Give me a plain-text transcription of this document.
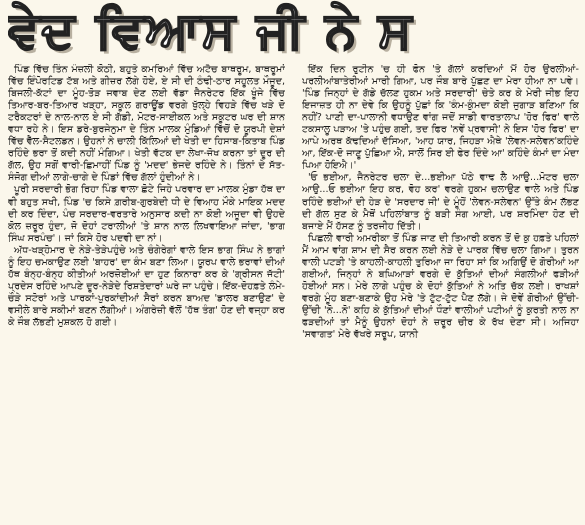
ਵੇਦ ਵਿਆਸ ਜੀ ਨੇ ਸ

ਪਿੰਡ ਵਿੱਚ ਤਿੰਨ ਮੰਜ਼ਲੀ ਕੋਠੀ, ਬਹੁਤੇ ਕਮਰਿਆਂ ਵਿੱਚ ਅਟੈਚ ਬਾਥਰੂਮ, ਬਾਥਰੂਮਾਂ ਵਿੱਚ ਇੰਪੋਰਟਿਡ ਟੱਬ ਅਤੇ ਗੀਜ਼ਰ ਲੱਗੇ ਹੋਏ, ਏ ਸੀ ਦੀ ਠੰਢੀ-ਠਾਰ ਸਹੂਲਤ ਮੌਜੂਦ, ਬਿਜਲੀ-ਕੱਟਾਂ ਦਾ ਮੂੰਹ-ਤੋੜ ਜਵਾਬ ਦੇਣ ਲਈ ਵੱਡਾ ਜੈਨਰੇਟਰ ਇੱਕ ਖੂੰਜੇ ਵਿੱਚ ਤਿਆਰ-ਬਰ-ਤਿਆਰ ਖੜ੍ਹਾ, ਸਕੂਲ ਗਰਾਊਂਡ ਵਰਗੇ ਖੁੱਲ੍ਹੇ ਵਿਹੜੇ ਵਿੱਚ ਖੜੇ ਦੋ ਟਰੈਕਟਰਾਂ ਦੇ ਨਾਲ-ਨਾਲ ਏ ਸੀ ਗੱਡੀ, ਮੋਟਰ-ਸਾਈਕਲ ਅਤੇ ਸਕੂਟਰ ਘਰ ਦੀ ਸ਼ਾਨ ਵਧਾ ਰਹੇ ਨੇ। ਇਸ ਡਰੇ-ਬੁਰਜੇਨੁਮਾ ਦੇ ਤਿੰਨ ਮਾਲਕ ਮੁੰਡਿਆਂ ਵਿੱਚੋਂ ਦੋ ਯੂਰਪੀ ਦੇਸ਼ਾਂ ਵਿੱਚ ਵੈੱਲ-ਸੈਟਲਡਨ। ਉਹਨਾਂ ਨੇ ਚਾਲੀ ਕਿੱਲਿਆਂ ਦੀ ਖੇਤੀ ਦਾ ਹਿਸਾਬ-ਕਿਤਾਬ ਪਿੰਡ ਰਹਿੰਦੇ ਭਰਾ ਤੋਂ ਕਦੀ ਨਹੀਂ ਮੰਗਿਆ। ਖੇਤੀ ਵੱਟਕ ਦਾ ਲੇਖਾ-ਜੋਖ ਕਰਨਾ ਤਾਂ ਦੂਰ ਦੀ ਗੱਲ, ਉਹ ਸਗੋਂ ਵਾਰੀ-ਛਿਮਾਹੀਂ ਪਿੰਡ ਨੂੰ 'ਮਦਦ' ਭੇਜਦੇ ਰਹਿੰਦੇ ਨੇ। ਤਿੰਨਾਂ ਦੇ ਸੱਤ-ਸੰਜੋਗ ਦੀਆਂ ਲਾਗੇ-ਚਾਗੇ ਦੇ ਪਿੰਡਾਂ ਵਿੱਚ ਗੱਲਾਂ ਹੁੰਦੀਆਂ ਨੇ।

ਪੂਰੀ ਸਰਦਾਰੀ ਭੋਗ ਰਿਹਾ ਪਿੰਡ ਵਾਲਾ ਛੋਟੇ ਜਿਹੇ ਪਰਵਾਰ ਦਾ ਮਾਲਕ ਮੁੰਡਾ ਹੱਥ ਦਾ ਵੀ ਬਹੁਤ ਸਖੀ, ਪਿੰਡ 'ਚ ਕਿਸੇ ਗ਼ਰੀਬ-ਗੁਰਬੇਦੀ ਧੀ ਦੇ ਵਿਆਹ ਮੌਕੇ ਮਾਇਕ ਮਦਦ ਦੀ ਕਰ ਦਿੰਦਾ, ਪੰਚ ਸਰਦਾਰ-ਵਰਤਾਰੇ ਅਨੁਸਾਰ ਕਦੀ ਨਾ ਕੋਈ ਅਜੂਦਾ ਵੀ ਉਹਦੇ ਕੋਲ ਜ਼ਰੂਰ ਹੁੰਦਾ, ਜੋ ਦੋਹਾਂ ਟਰਾਲੀਆਂ 'ਤੇ ਸ਼ਾਨ ਨਾਲ ਲਿਖਵਾਇਆ ਜਾਂਦਾ, 'ਭਾਗ ਸਿੰਘ ਸਰਪੰਚ'। ਜਾਂ ਕਿਸੇ ਹੋਰ ਪਦਵੀ ਦਾ ਨਾਂ।

ਅੱਧ-ਖੜ੍ਹੋਮਾਰ ਦੇ ਨੇੜੇ-ਤੇੜੇਪਹੁੰਚੇ ਅਤੇ ਚੰਗੇਰੇਗਾਂ ਵਾਲੇ ਇਸ ਭਾਗ ਸਿੰਘ ਨੇ ਭਾਗਾਂ ਨੂੰ ਇਹ ਚਮਕਾਉਣ ਲਈ 'ਬਾਹਰ' ਦਾ ਕੰਮ ਬਣਾ ਲਿਆ। ਯੂਰਪ ਵਾਲੇ ਭਰਾਵਾਂ ਦੀਆਂ ਹੱਥ ਬੰਨ੍ਹ-ਬੰਨ੍ਹ ਕੀਤੀਆਂ ਅਰਜ਼ੋਈਆਂ ਦਾ ਹੁਣ ਕਿਨਾਰਾ ਕਰ ਕੇ 'ਗ੍ਰੀਸਨ ਜੱਟੀ' ਪ੍ਰਦੇਸ ਰਹਿੰਦੇ ਆਪਣੇ ਦੂਰ-ਨੇੜੇਦੇ ਰਿਸ਼ਤੇਦਾਰਾਂ ਘਰੇ ਜਾ ਪਹੁੰਚੇ। ਇੱਕ-ਦੋਹਫ਼ਤੇ ਲੰਮੇ-ਚੌੜੇ ਸਟੋਰਾਂ ਅਤੇ ਪਾਰਕਾਂ-ਪੁਰਕਾਂਦੀਆਂ ਸੈਰਾਂ ਕਰਨ ਬਾਅਦ 'ਡਾਲਰ ਬਣਾਉਣ' ਦੇ ਵਸੀਲੇ ਬਾਰੇ ਸਕੀਮਾਂ ਬਣਨ ਲੱਗੀਆਂ। ਅੰਗਰੇਜ਼ੀ ਵੱਲੋਂ 'ਹੱਥ ਤੰਗ' ਹੋਣ ਦੀ ਵਜ੍ਹਾ ਕਰ ਕੇ ਜੌਬ ਲੱਭਣੀ ਮੁਸ਼ਕਲ ਹੋ ਗਈ।

ਇੱਕ ਦਿਨ ਰੁਟੀਨ 'ਚ ਹੀ ਫੋਨ 'ਤੇ ਗੱਲਾਂ ਕਰਦਿਆਂ ਮੈਂ ਹੋਰ ਉਰਲੀਆਂ-ਪਰਲੀਆਂਬਾਤੇਰੀਆਂ ਮਾਰੀ ਗਿਆ, ਪਰ ਜੌਬ ਬਾਰੇ ਪੁੱਛਣ ਦਾ ਮੇਰਾ ਹੀਆ ਨਾ ਪਵੇ। 'ਪਿੰਡ ਜਿਨ੍ਹਾਂ ਦੇ ਗੱਡੇ ਚੱਲਣ ਹੁਕਮ ਅਤੇ ਸਰਦਾਰੀ' ਚੇਤੇ ਕਰ ਕੇ ਮੇਰੀ ਜੀਭ ਇਹ ਇਜਾਜ਼ਤ ਹੀ ਨਾ ਦੇਵੇ ਕਿ ਉਹਨੂੰ ਪੁੱਛਾਂ ਕਿ 'ਕੰਮ-ਕੁੰਮਦਾ ਕੋਈ ਜੁਗਾੜ ਬਣਿਆ ਕਿ ਨਹੀਂ? ਪਾਣੀ ਦਾ-ਪਾਲਾਨੀ ਵਧਾਉਣ ਵਾਂਗ ਜਦੋਂ ਸਾਡੀ ਵਾਰਤਾਲਾਪ 'ਹੋਰ ਫਿਰ' ਵਾਲੇ ਟਕਸਾਲੂ ਪੜਾਅ 'ਤੇ ਪਹੁੰਚ ਗਈ, ਤਦ ਫਿਰ 'ਨਵੇਂ ਪ੍ਰਵਾਸੀ' ਨੇ ਇਸ 'ਹੋਰ ਫਿਰ' ਦਾ ਆਪੇ ਅਰਥ ਕੱਢਦਿਆਂ ਦੱਸਿਆ, 'ਆਹ ਯਾਰ, ਜਿਹੜਾ ਐਥੇ 'ਲੇਵਨ-ਸਲੇਵਨ'ਕਹਿੰਦੇ ਆ, ਇੱਕ-ਦੋ ਜਾਣੂ ਪੁੱਛਿਆ ਐ, ਸਾਲੋਂ ਸਿਰ ਈ ਫੇਰ ਦਿੰਦੇ ਆ' ਕਹਿੰਦੇ ਕੰਮਾਂ ਦਾ ਮੰਦਾ ਪਿਆ ਹੋਇਐ।'

'ਓ ਭਈਆ, ਜੈਨਰੇਟਰ ਚਲਾ ਦੇ...ਭਈਆ ਪੱਠੇ ਵਾਢ ਲੈ ਆਉ...ਮੋਟਰ ਚਲਾ ਆਉ...ਓ ਭਈਆ ਇਹ ਕਰ, ਵੋਹ ਕਰ' ਵਰਗੇ ਹੁਕਮ ਚਲਾਉਣ ਵਾਲੇ ਅਤੇ ਪਿੰਡ ਰਹਿੰਦੇ ਭਈਆਂ ਦੀ ਹੇੜ ਦੇ 'ਸਰਦਾਰ ਜੀ' ਦੇ ਮੂੰਹੋਂ 'ਲੇਵਨ-ਸਲੇਵਨ' ਉੱਤੇ ਕੰਮ ਲੱਭਣ ਦੀ ਗੱਲ ਸੁਣ ਕੇ ਮੈਥੋਂ ਪਹਿਲਾਂਬਾਤ ਨੂੰ ਬੜੀ ਸੰਗ ਆਈ, ਪਰ ਸ਼ਰਮਿੰਦਾ ਹੋਣ ਦੀ ਬਜਾਏ ਮੈਂ ਹੱਸਣ ਨੂੰ ਤਰਜੀਹ ਦਿੱਤੀ।

ਪਿਛਲੀ ਵਾਰੀ ਅਮਰੀਕਾ ਤੋਂ ਪਿੰਡ ਜਾਣ ਦੀ ਤਿਆਰੀ ਕਰਨ ਤੋਂ ਦੋ ਕੁ ਹਫ਼ਤੇ ਪਹਿਲਾਂ ਮੈਂ ਆਮ ਵਾਂਗ ਸ਼ਾਮ ਦੀ ਸੈਰ ਕਰਨ ਲਈ ਨੇੜੇ ਦੇ ਪਾਰਕ ਵਿੱਚ ਚਲਾ ਗਿਆ। ਤੁਰਨ ਵਾਲੀ ਪਟੜੀ 'ਤੇ ਕਾਹਲੀ-ਕਾਹਲੀ ਤੁਰਿਆ ਜਾ ਰਿਹਾ ਸਾਂ ਕਿ ਅਗਿਉਂ ਦੋ ਗੋਰੀਆਂ ਆ ਗਈਆਂ, ਜਿਨ੍ਹਾਂ ਨੇ ਬਘਿਆੜਾਂ ਵਰਗੇ ਦੋ ਕੁੱਤਿਆਂ ਦੀਆਂ ਸੰਗਲੀਆਂ ਫੜੀਆਂ ਹੋਈਆਂ ਸਨ। ਮੇਰੇ ਲਾਗੇ ਪਹੁੰਚ ਕੇ ਦੋਹਾਂ ਕੁੱਤਿਆਂ ਨੇ ਅਤਿ ਚੱਕ ਲਈ। ਰਾਖਸ਼ਾਂ ਵਰਗੇ ਮੂੰਹ ਬਣਾ-ਬਣਾਕੇ ਉਹ ਮੇਰੇ 'ਤੇ ਟੁੱਟ-ਟੁੱਟ ਪੈਣ ਲੱਗੇ। ਜੇ ਦੋਵੇਂ ਗੋਰੀਆਂ ਉੱਚੀ-ਉੱਚੀ 'ਨੋ...ਨੋ' ਕਹਿ ਕੇ ਕੁੱਤਿਆਂ ਦੀਆਂ ਧੌਣਾਂ ਵਾਲੀਆਂ ਪਟੀਆਂ ਨੂੰ ਕੁਰਤੀ ਨਾਲ ਨਾ ਫੜਦੀਆਂ ਤਾਂ ਮੈਨੂੰ ਉਹਨਾਂ ਦੋਹਾਂ ਨੇ ਜ਼ਰੂਰ ਚੀਰ ਕੇ ਰੱਖ ਦੇਣਾ ਸੀ। ਅਜਿਹਾ 'ਸਵਾਗਤ' ਮੇਰੇ ਵੱਖਰੇ ਸਰੂਪ, ਯਾਨੀ
